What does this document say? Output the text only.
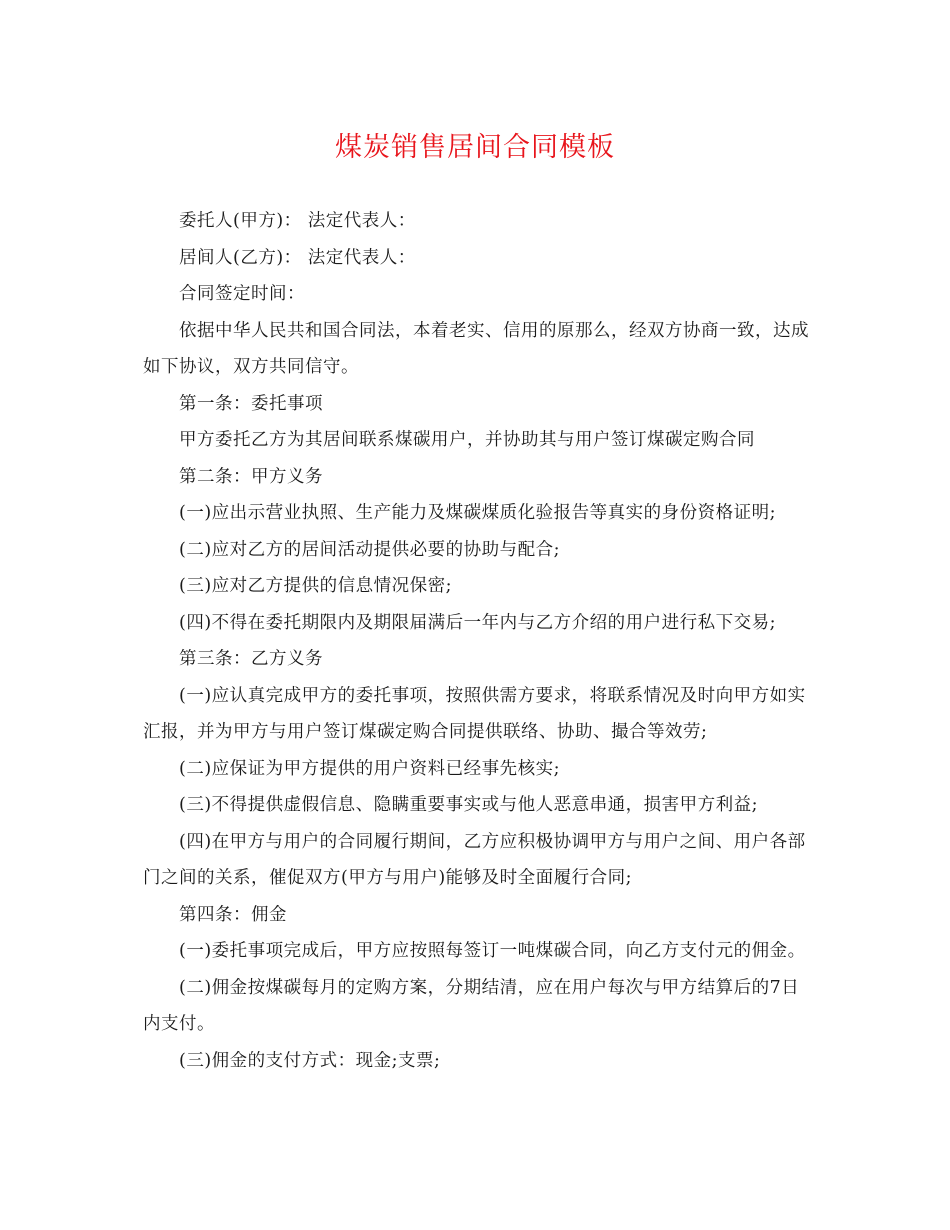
煤炭销售居间合同模板

委托人(甲方)： 法定代表人：

居间人(乙方)： 法定代表人：

合同签定时间：

依据中华人民共和国合同法，本着老实、信用的原那么，经双方协商一致，达成如下协议，双方共同信守。

第一条：委托事项

甲方委托乙方为其居间联系煤碳用户，并协助其与用户签订煤碳定购合同

第二条：甲方义务

(一)应出示营业执照、生产能力及煤碳煤质化验报告等真实的身份资格证明;

(二)应对乙方的居间活动提供必要的协助与配合;

(三)应对乙方提供的信息情况保密;

(四)不得在委托期限内及期限届满后一年内与乙方介绍的用户进行私下交易;

第三条：乙方义务

(一)应认真完成甲方的委托事项，按照供需方要求，将联系情况及时向甲方如实汇报，并为甲方与用户签订煤碳定购合同提供联络、协助、撮合等效劳;

(二)应保证为甲方提供的用户资料已经事先核实;

(三)不得提供虚假信息、隐瞒重要事实或与他人恶意串通，损害甲方利益;

(四)在甲方与用户的合同履行期间，乙方应积极协调甲方与用户之间、用户各部门之间的关系，催促双方(甲方与用户)能够及时全面履行合同;

第四条：佣金

(一)委托事项完成后，甲方应按照每签订一吨煤碳合同，向乙方支付元的佣金。

(二)佣金按煤碳每月的定购方案，分期结清，应在用户每次与甲方结算后的7日内支付。

(三)佣金的支付方式：现金;支票;
